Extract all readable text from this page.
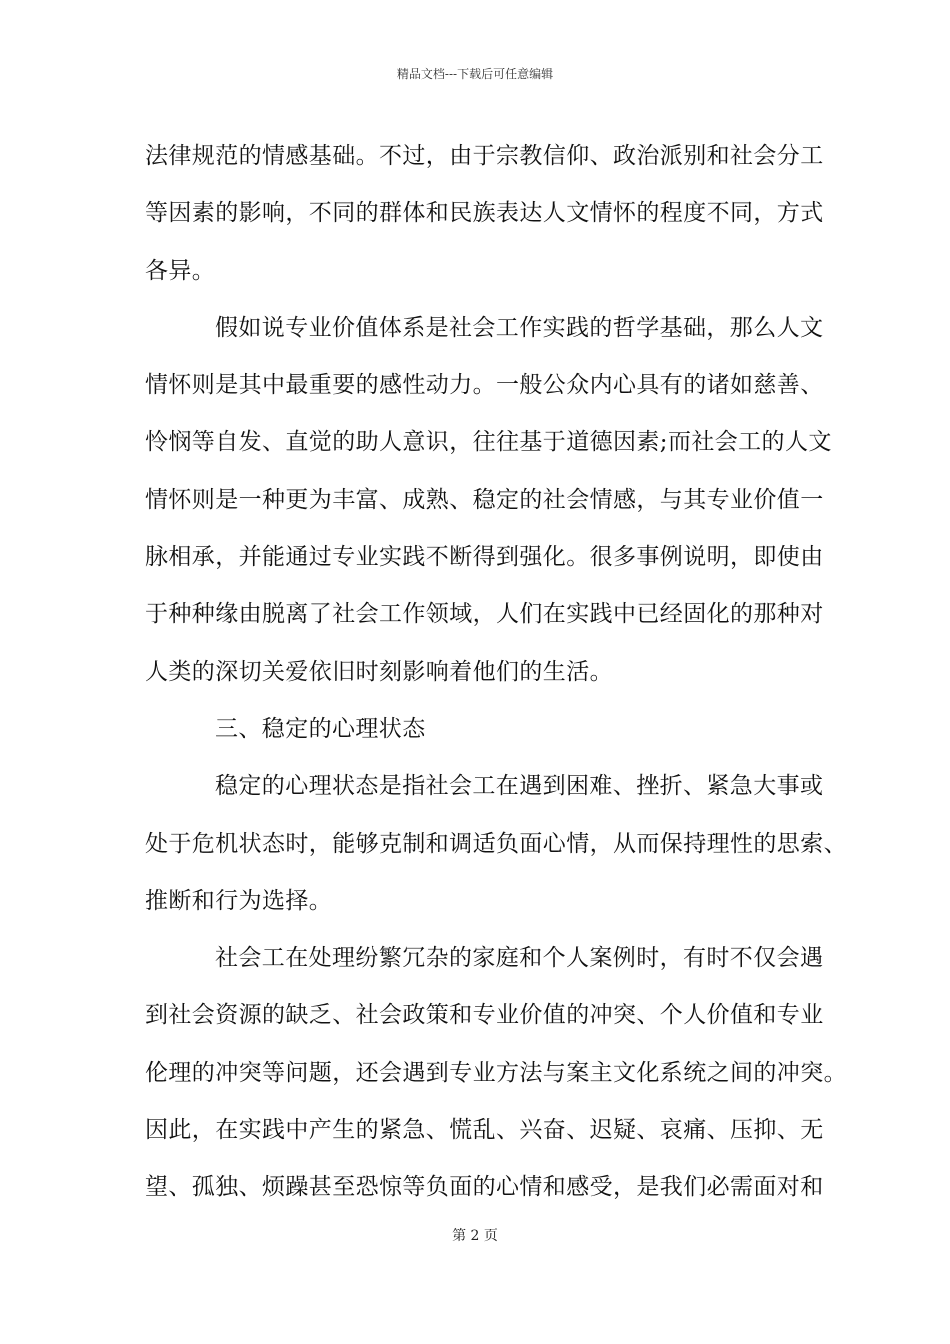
精品文档---下载后可任意编辑
法律规范的情感基础。不过，由于宗教信仰、政治派别和社会分工
等因素的影响，不同的群体和民族表达人文情怀的程度不同，方式
各异。
假如说专业价值体系是社会工作实践的哲学基础，那么人文
情怀则是其中最重要的感性动力。一般公众内心具有的诸如慈善、
怜悯等自发、直觉的助人意识，往往基于道德因素;而社会工的人文
情怀则是一种更为丰富、成熟、稳定的社会情感，与其专业价值一
脉相承，并能通过专业实践不断得到强化。很多事例说明，即使由
于种种缘由脱离了社会工作领域，人们在实践中已经固化的那种对
人类的深切关爱依旧时刻影响着他们的生活。
三、稳定的心理状态
稳定的心理状态是指社会工在遇到困难、挫折、紧急大事或
处于危机状态时，能够克制和调适负面心情，从而保持理性的思索、
推断和行为选择。
社会工在处理纷繁冗杂的家庭和个人案例时，有时不仅会遇
到社会资源的缺乏、社会政策和专业价值的冲突、个人价值和专业
伦理的冲突等问题，还会遇到专业方法与案主文化系统之间的冲突。
因此，在实践中产生的紧急、慌乱、兴奋、迟疑、哀痛、压抑、无
望、孤独、烦躁甚至恐惊等负面的心情和感受，是我们必需面对和
第 2 页
